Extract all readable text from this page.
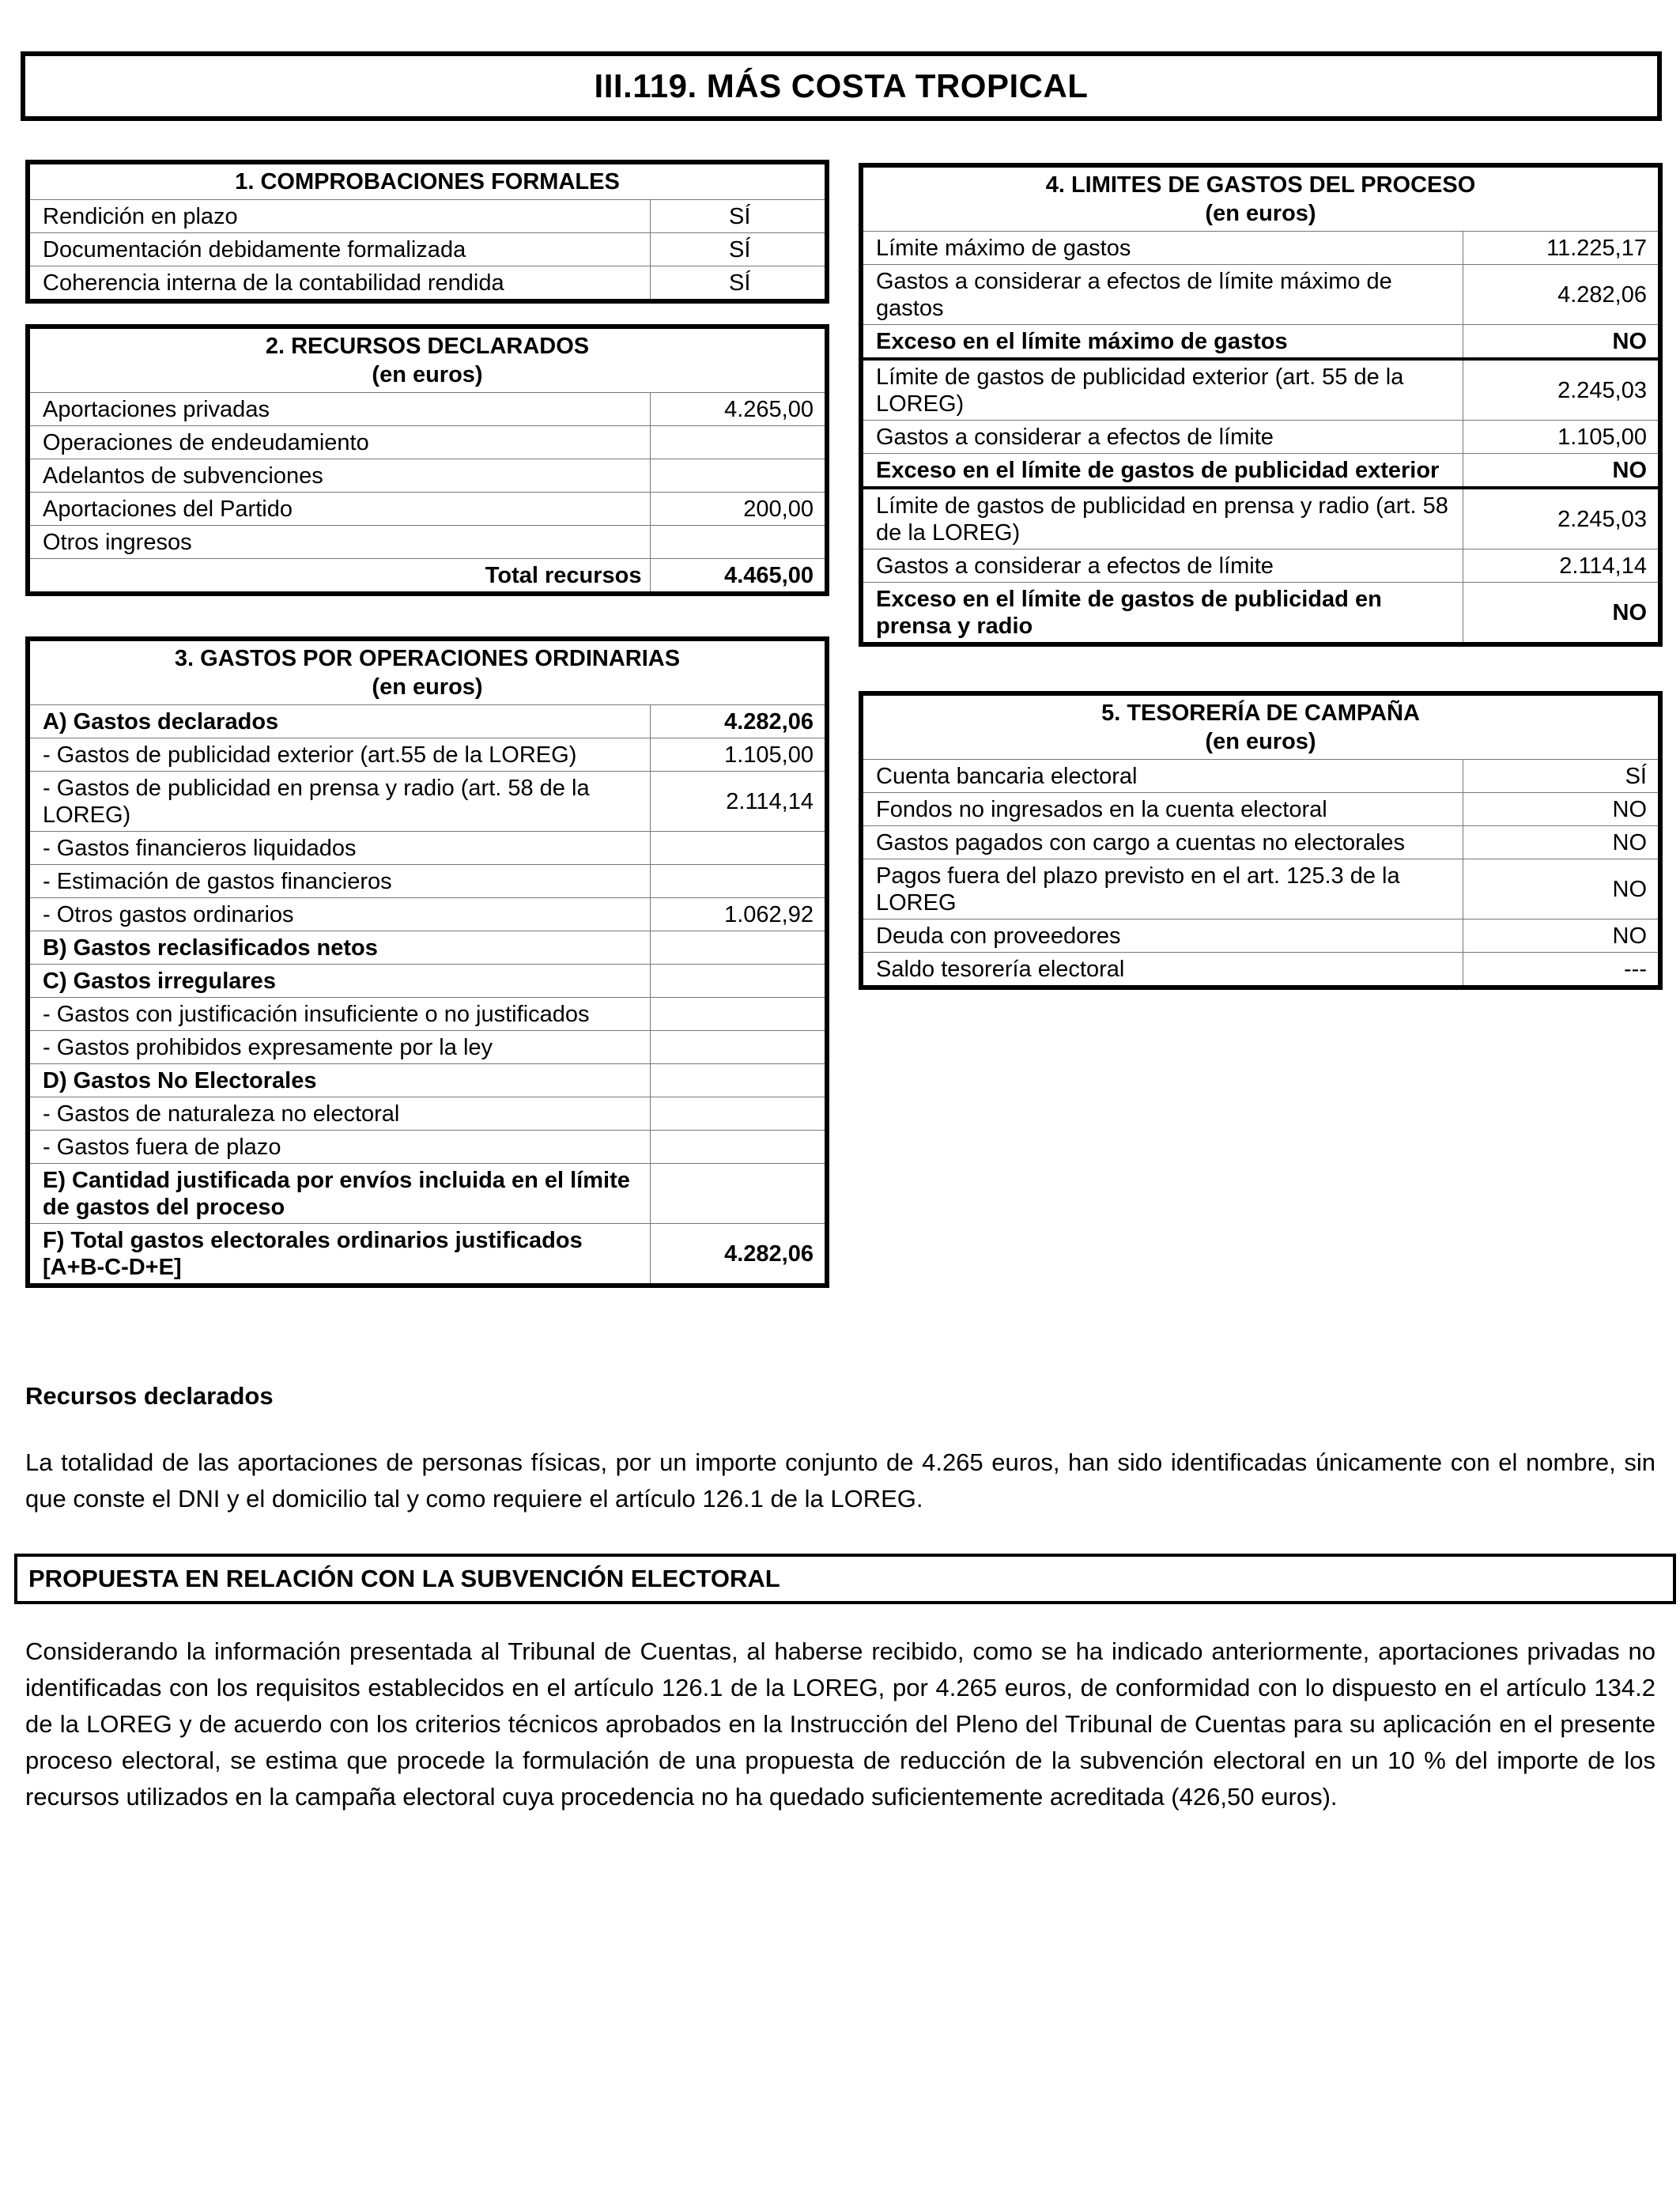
III.119. MÁS COSTA TROPICAL
1. COMPROBACIONES FORMALES	
Rendición en plazo	SÍ
Documentación debidamente formalizada	SÍ
Coherencia interna de la contabilidad rendida	SÍ
2. RECURSOS DECLARADOS
(en euros)	

Aportaciones privadas	4.265,00
Operaciones de endeudamiento	
Adelantos de subvenciones	
Aportaciones del Partido	200,00
Otros ingresos	
Total recursos	4.465,00
3. GASTOS POR OPERACIONES ORDINARIAS
(en euros)	

A) Gastos declarados	4.282,06
- Gastos de publicidad exterior (art.55 de la LOREG)	1.105,00
- Gastos de publicidad en prensa y radio (art. 58 de la LOREG)	2.114,14
- Gastos financieros liquidados	
- Estimación de gastos financieros	
- Otros gastos ordinarios	1.062,92
B) Gastos reclasificados netos	
C) Gastos irregulares	
- Gastos con justificación insuficiente o no justificados	
- Gastos prohibidos expresamente por la ley	
D) Gastos No Electorales	
- Gastos de naturaleza no electoral	
- Gastos fuera de plazo	
E) Cantidad justificada por envíos incluida en el límite de gastos del proceso	
F) Total gastos electorales ordinarios justificados [A+B-C-D+E]	4.282,06
4. LIMITES DE GASTOS DEL PROCESO
(en euros)	

Límite máximo de gastos	11.225,17
Gastos a considerar a efectos de límite máximo de gastos	4.282,06
Exceso en el límite máximo de gastos	NO
Límite de gastos de publicidad exterior (art. 55 de la LOREG)	2.245,03
Gastos a considerar a efectos de límite	1.105,00
Exceso en el límite de gastos de publicidad exterior	NO
Límite de gastos de publicidad en prensa y radio (art. 58 de la LOREG)	2.245,03
Gastos a considerar a efectos de límite	2.114,14
Exceso en el límite de gastos de publicidad en prensa y radio	NO
5. TESORERÍA DE CAMPAÑA
(en euros)	

Cuenta bancaria electoral	SÍ
Fondos no ingresados en la cuenta electoral	NO
Gastos pagados con cargo a cuentas no electorales	NO
Pagos fuera del plazo previsto en el art. 125.3 de la LOREG	NO
Deuda con proveedores	NO
Saldo tesorería electoral	---
Recursos declarados
La totalidad de las aportaciones de personas físicas, por un importe conjunto de 4.265 euros, han sido identificadas únicamente con el nombre, sin que conste el DNI y el domicilio tal y como requiere el artículo 126.1 de la LOREG.
PROPUESTA EN RELACIÓN CON LA SUBVENCIÓN ELECTORAL
Considerando la información presentada al Tribunal de Cuentas, al haberse recibido, como se ha indicado anteriormente, aportaciones privadas no identificadas con los requisitos establecidos en el artículo 126.1 de la LOREG, por 4.265 euros, de conformidad con lo dispuesto en el artículo 134.2 de la LOREG y de acuerdo con los criterios técnicos aprobados en la Instrucción del Pleno del Tribunal de Cuentas para su aplicación en el presente proceso electoral, se estima que procede la formulación de una propuesta de reducción de la subvención electoral en un 10 % del importe de los recursos utilizados en la campaña electoral cuya procedencia no ha quedado suficientemente acreditada (426,50 euros).
